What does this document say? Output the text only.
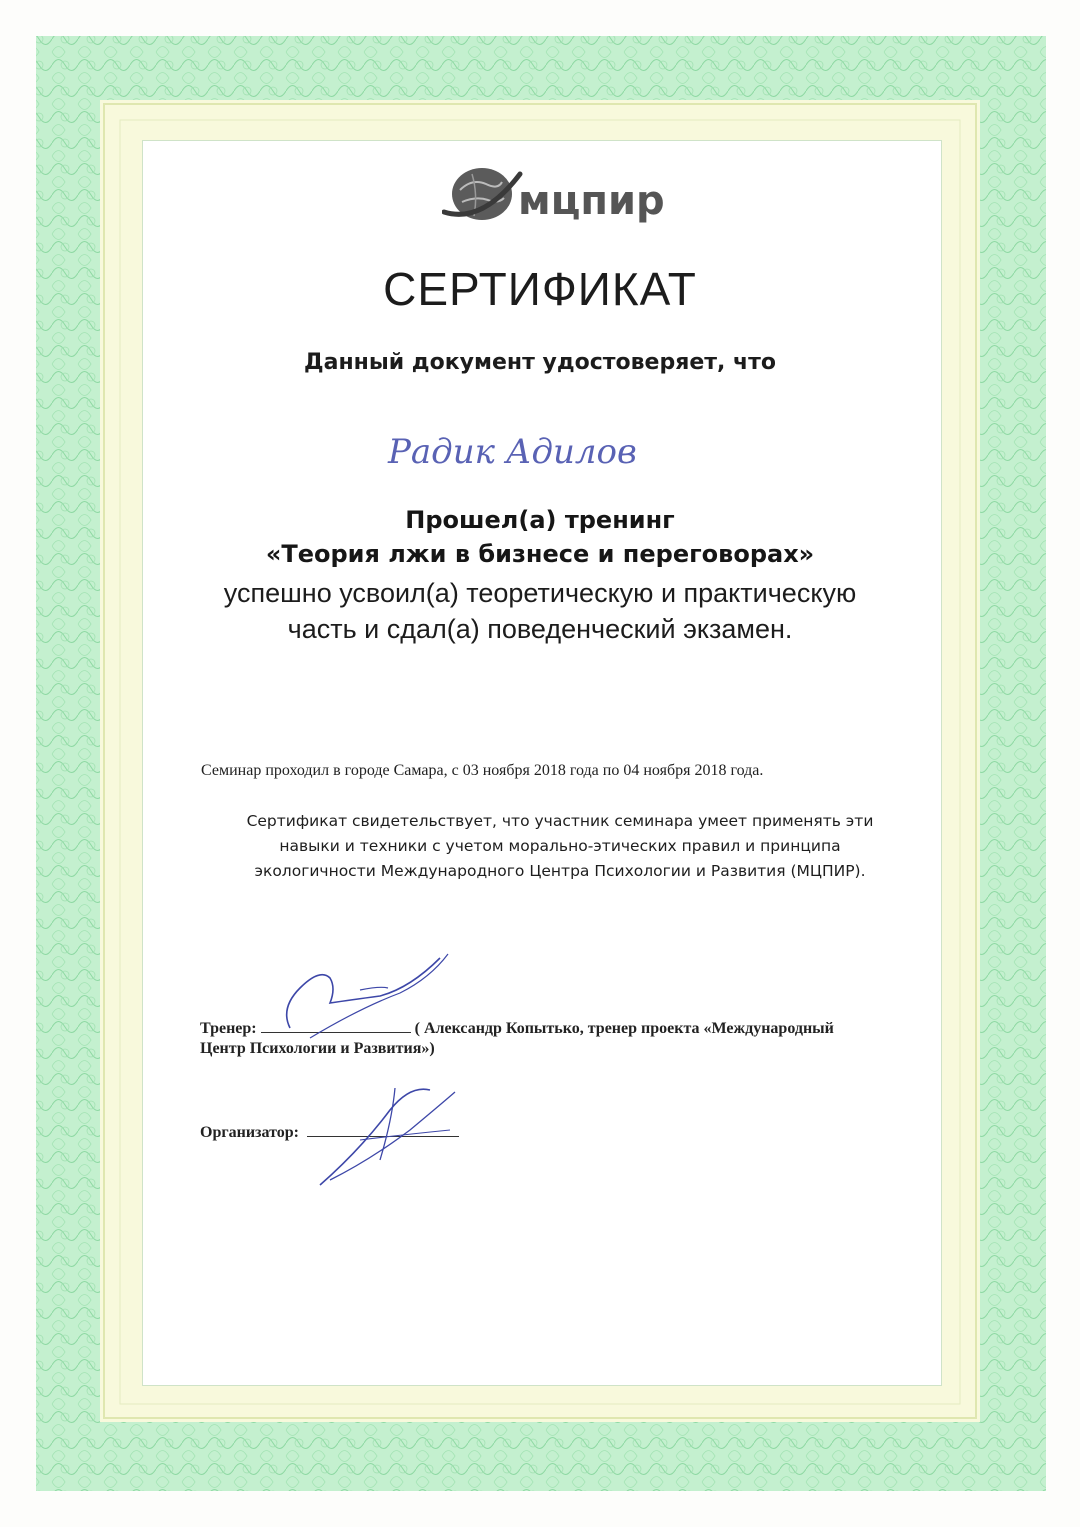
мцпир
СЕРТИФИКАТ
Данный документ удостоверяет, что
Радик Адилов
Прошел(а) тренинг
«Теория лжи в бизнесе и переговорах»
успешно усвоил(а) теоретическую и практическую
часть и сдал(а) поведенческий экзамен.
Семинар проходил в городе Самара, с 03 ноября 2018 года по 04 ноября 2018 года.
Сертификат свидетельствует, что участник семинара умеет применять эти
навыки и техники с учетом морально-этических правил и принципа
экологичности Международного Центра Психологии и Развития (МЦПИР).
Тренер:	( Александр Копытько, тренер проекта «Международный
Центр Психологии и Развития»)
Организатор:
